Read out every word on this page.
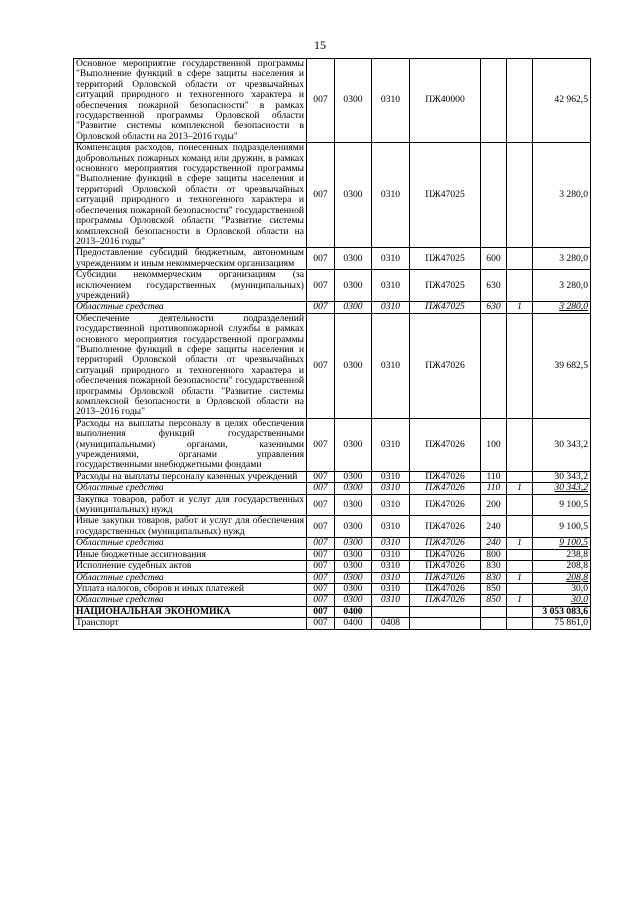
15
Основное мероприятие государственной программы "Выполнение функций в сфере защиты населения и территорий Орловской области от чрезвычайных ситуаций природного и техногенного характера и обеспечения пожарной безопасности" в рамках государственной программы Орловской области "Развитие системы комплексной безопасности в Орловской области на 2013–2016 годы"	007	0300	0310	ПЖ40000			42 962,5
Компенсация расходов, понесенных подразделениями добровольных пожарных команд или дружин, в рамках основного мероприятия государственной программы "Выполнение функций в сфере защиты населения и территорий Орловской области от чрезвычайных ситуаций природного и техногенного характера и обеспечения пожарной безопасности" государственной программы Орловской области "Развитие системы комплексной безопасности в Орловской области на 2013–2016 годы"	007	0300	0310	ПЖ47025			3 280,0
Предоставление субсидий бюджетным, автономным учреждениям и иным некоммерческим организациям	007	0300	0310	ПЖ47025	600		3 280,0
Субсидии некоммерческим организациям (за исключением государственных (муниципальных) учреждений)	007	0300	0310	ПЖ47025	630		3 280,0
Областные средства	007	0300	0310	ПЖ47025	630	1	3 280,0
Обеспечение деятельности подразделений государственной противопожарной службы в рамках основного мероприятия государственной программы "Выполнение функций в сфере защиты населения и территорий Орловской области от чрезвычайных ситуаций природного и техногенного характера и обеспечения пожарной безопасности" государственной программы Орловской области "Развитие системы комплексной безопасности в Орловской области на 2013–2016 годы"	007	0300	0310	ПЖ47026			39 682,5
Расходы на выплаты персоналу в целях обеспечения выполнения функций государственными (муниципальными) органами, казенными учреждениями, органами управления государственными внебюджетными фондами	007	0300	0310	ПЖ47026	100		30 343,2
Расходы на выплаты персоналу казенных учреждений	007	0300	0310	ПЖ47026	110		30 343,2
Областные средства	007	0300	0310	ПЖ47026	110	1	30 343,2
Закупка товаров, работ и услуг для государственных (муниципальных) нужд	007	0300	0310	ПЖ47026	200		9 100,5
Иные закупки товаров, работ и услуг для обеспечения государственных (муниципальных) нужд	007	0300	0310	ПЖ47026	240		9 100,5
Областные средства	007	0300	0310	ПЖ47026	240	1	9 100,5
Иные бюджетные ассигнования	007	0300	0310	ПЖ47026	800		238,8
Исполнение судебных актов	007	0300	0310	ПЖ47026	830		208,8
Областные средства	007	0300	0310	ПЖ47026	830	1	208,8
Уплата налогов, сборов и иных платежей	007	0300	0310	ПЖ47026	850		30,0
Областные средства	007	0300	0310	ПЖ47026	850	1	30,0
НАЦИОНАЛЬНАЯ ЭКОНОМИКА	007	0400					3 053 083,6
Транспорт	007	0400	0408				75 861,0
